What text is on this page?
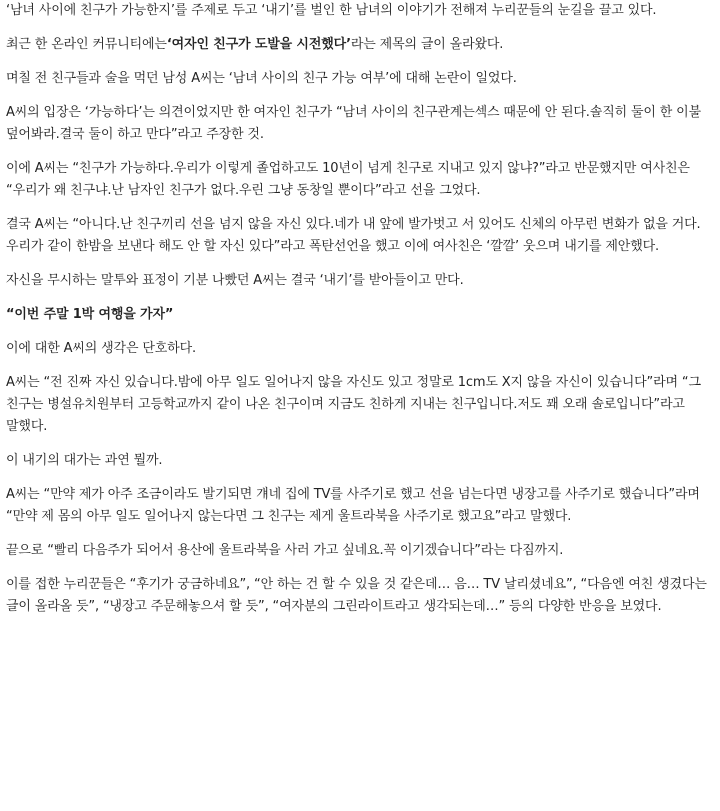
‘남녀 사이에 친구가 가능한지’를 주제로 두고 ‘내기’를 벌인 한 남녀의 이야기가 전해져 누리꾼들의 눈길을 끌고 있다.

최근 한 온라인 커뮤니티에는‘여자인 친구가 도발을 시전했다’라는 제목의 글이 올라왔다.

며칠 전 친구들과 술을 먹던 남성 A씨는 ‘남녀 사이의 친구 가능 여부’에 대해 논란이 일었다.

A씨의 입장은 ‘가능하다’는 의견이었지만 한 여자인 친구가 “남녀 사이의 친구관계는섹스 때문에 안 된다.솔직히 둘이 한 이불 덮어봐라.결국 둘이 하고 만다”라고 주장한 것.

이에 A씨는 “친구가 가능하다.우리가 이렇게 졸업하고도 10년이 넘게 친구로 지내고 있지 않냐?”라고 반문했지만 여사친은 “우리가 왜 친구냐.난 남자인 친구가 없다.우린 그냥 동창일 뿐이다”라고 선을 그었다.

결국 A씨는 “아니다.난 친구끼리 선을 넘지 않을 자신 있다.네가 내 앞에 발가벗고 서 있어도 신체의 아무런 변화가 없을 거다.우리가 같이 한밤을 보낸다 해도 안 할 자신 있다”라고 폭탄선언을 했고 이에 여사친은 ‘깔깔’ 웃으며 내기를 제안했다.

자신을 무시하는 말투와 표정이 기분 나빴던 A씨는 결국 ‘내기’를 받아들이고 만다.

“이번 주말 1박 여행을 가자”

이에 대한 A씨의 생각은 단호하다.

A씨는 “전 진짜 자신 있습니다.밤에 아무 일도 일어나지 않을 자신도 있고 정말로 1cm도 X지 않을 자신이 있습니다”라며 “그 친구는 병설유치원부터 고등학교까지 같이 나온 친구이며 지금도 친하게 지내는 친구입니다.저도 꽤 오래 솔로입니다”라고 말했다.

이 내기의 대가는 과연 뭘까.

A씨는 “만약 제가 아주 조금이라도 발기되면 걔네 집에 TV를 사주기로 했고 선을 넘는다면 냉장고를 사주기로 했습니다”라며 “만약 제 몸의 아무 일도 일어나지 않는다면 그 친구는 제게 울트라북을 사주기로 했고요”라고 말했다.

끝으로 “빨리 다음주가 되어서 용산에 울트라북을 사러 가고 싶네요.꼭 이기겠습니다”라는 다짐까지.

이를 접한 누리꾼들은 “후기가 궁금하네요”, “안 하는 건 할 수 있을 것 같은데… 음… TV 날리셨네요”, “다음엔 여친 생겼다는 글이 올라올 듯”, “냉장고 주문해놓으셔 할 듯”, “여자분의 그린라이트라고 생각되는데…” 등의 다양한 반응을 보였다.
